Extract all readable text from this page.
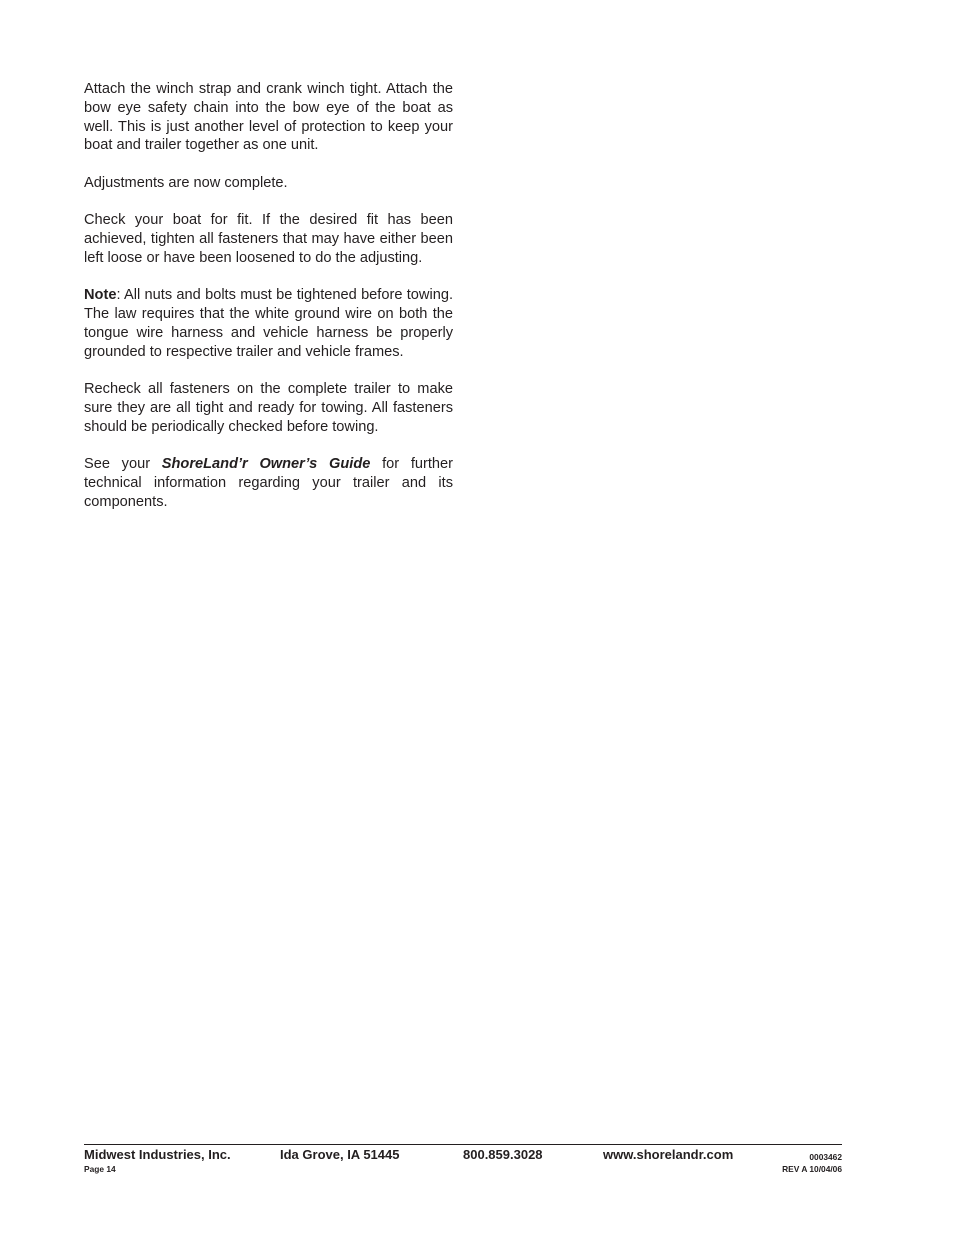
Attach the winch strap and crank winch tight. Attach the bow eye safety chain into the bow eye of the boat as well. This is just another level of protection to keep your boat and trailer together as one unit.

Adjustments are now complete.

Check your boat for fit. If the desired fit has been achieved, tighten all fasteners that may have either been left loose or have been loosened to do the adjusting.

Note: All nuts and bolts must be tightened before towing. The law requires that the white ground wire on both the tongue wire harness and vehicle harness be properly grounded to respective trailer and vehicle frames.

Recheck all fasteners on the complete trailer to make sure they are all tight and ready for towing. All fasteners should be periodically checked before towing.

See your ShoreLand’r Owner’s Guide for further technical information regarding your trailer and its components.

Midwest Industries, Inc.	Ida Grove, IA 51445	800.859.3028	www.shorelandr.com
Page 14
0003462
REV A 10/04/06
